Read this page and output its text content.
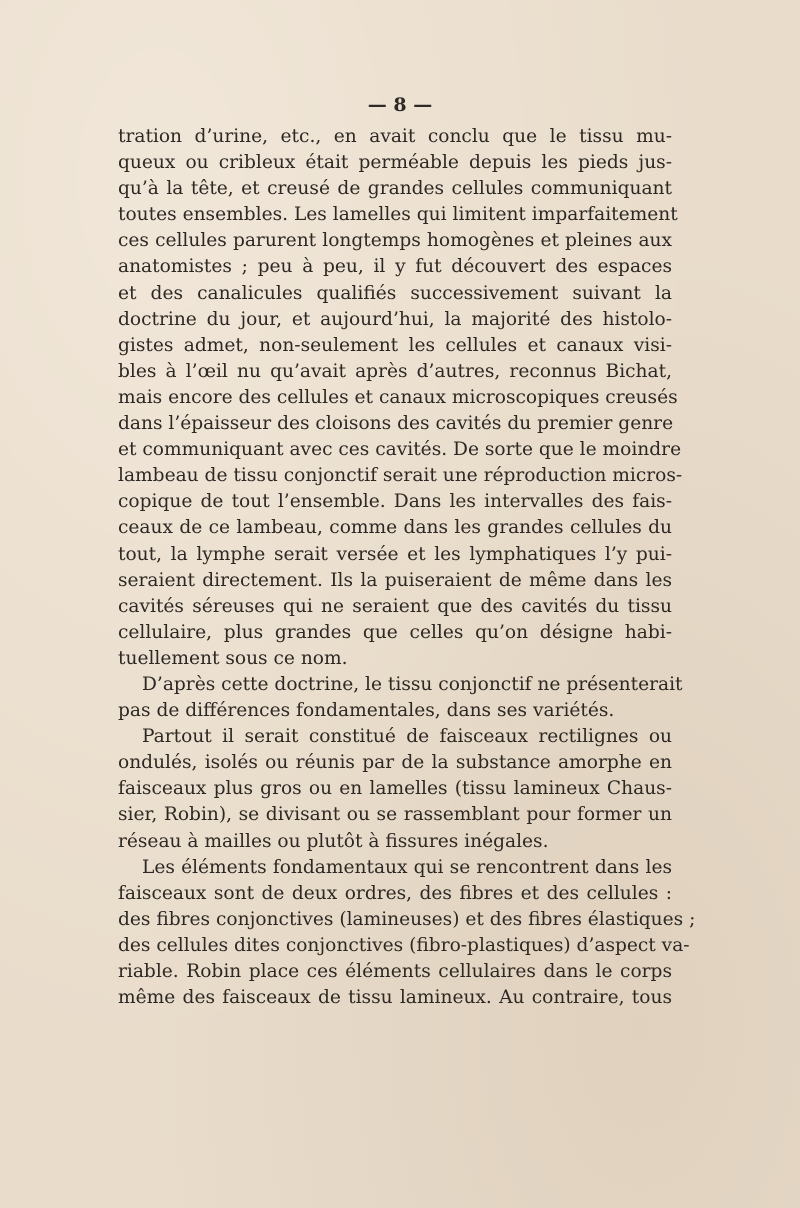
— 8 —
tration d’urine, etc., en avait conclu que le tissu mu-
queux ou cribleux était perméable depuis les pieds jus-
qu’à la tête, et creusé de grandes cellules communiquant
toutes ensembles. Les lamelles qui limitent imparfaitement
ces cellules parurent longtemps homogènes et pleines aux
anatomistes ; peu à peu, il y fut découvert des espaces
et des canalicules qualifiés successivement suivant la
doctrine du jour, et aujourd’hui, la majorité des histolo-
gistes admet, non-seulement les cellules et canaux visi-
bles à l’œil nu qu’avait après d’autres, reconnus Bichat,
mais encore des cellules et canaux microscopiques creusés
dans l’épaisseur des cloisons des cavités du premier genre
et communiquant avec ces cavités. De sorte que le moindre
lambeau de tissu conjonctif serait une réproduction micros-
copique de tout l’ensemble. Dans les intervalles des fais-
ceaux de ce lambeau, comme dans les grandes cellules du
tout, la lymphe serait versée et les lymphatiques l’y pui-
seraient directement. Ils la puiseraient de même dans les
cavités séreuses qui ne seraient que des cavités du tissu
cellulaire, plus grandes que celles qu’on désigne habi-
tuellement sous ce nom.
D’après cette doctrine, le tissu conjonctif ne présenterait
pas de différences fondamentales, dans ses variétés.
Partout il serait constitué de faisceaux rectilignes ou
ondulés, isolés ou réunis par de la substance amorphe en
faisceaux plus gros ou en lamelles (tissu lamineux Chaus-
sier, Robin), se divisant ou se rassemblant pour former un
réseau à mailles ou plutôt à fissures inégales.
Les éléments fondamentaux qui se rencontrent dans les
faisceaux sont de deux ordres, des fibres et des cellules :
des fibres conjonctives (lamineuses) et des fibres élastiques ;
des cellules dites conjonctives (fibro-plastiques) d’aspect va-
riable. Robin place ces éléments cellulaires dans le corps
même des faisceaux de tissu lamineux. Au contraire, tous
